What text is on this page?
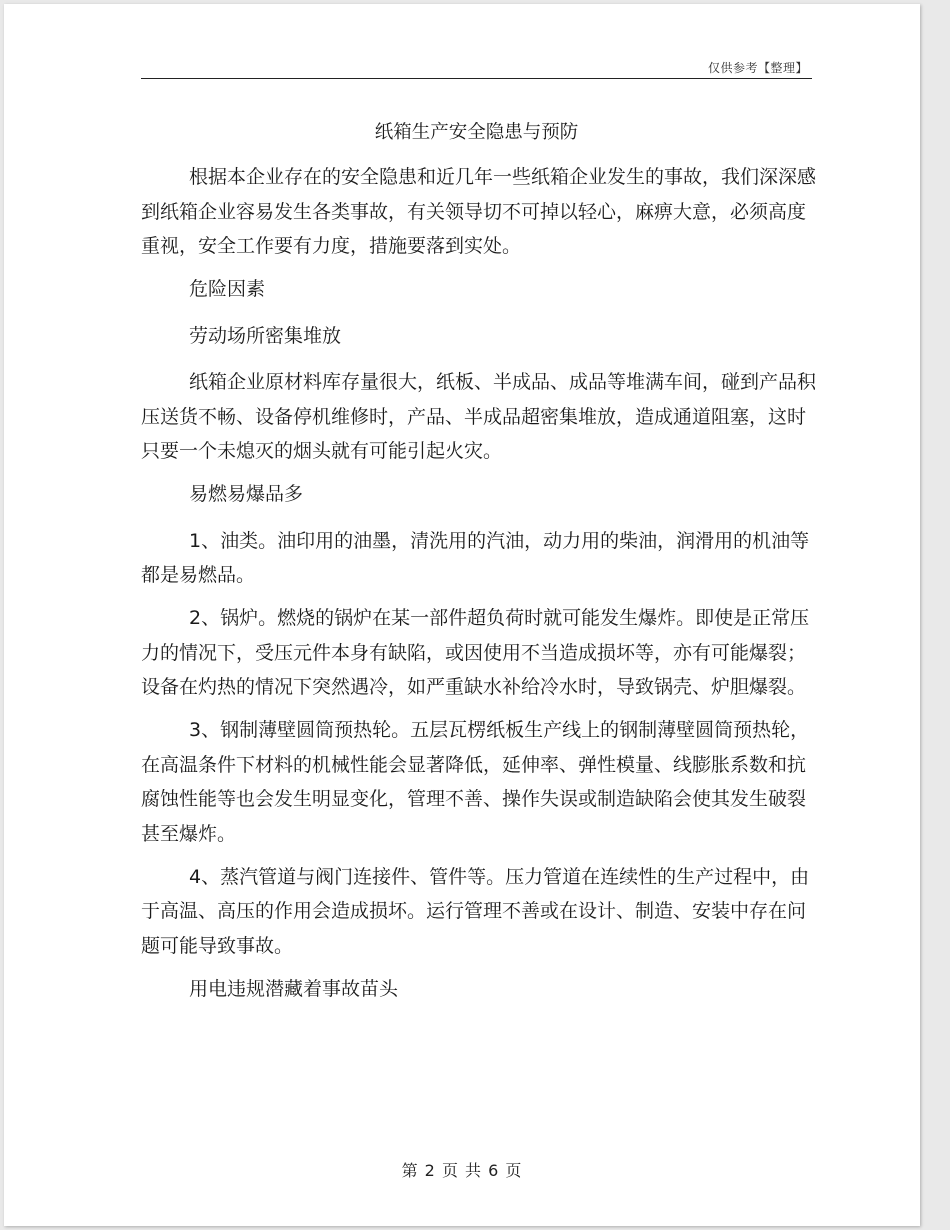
仅供参考【整理】
纸箱生产安全隐患与预防

根据本企业存在的安全隐患和近几年一些纸箱企业发生的事故，我们深深感到纸箱企业容易发生各类事故，有关领导切不可掉以轻心，麻痹大意，必须高度重视，安全工作要有力度，措施要落到实处。

危险因素

劳动场所密集堆放

纸箱企业原材料库存量很大，纸板、半成品、成品等堆满车间，碰到产品积压送货不畅、设备停机维修时，产品、半成品超密集堆放，造成通道阻塞，这时只要一个未熄灭的烟头就有可能引起火灾。

易燃易爆品多

1、油类。油印用的油墨，清洗用的汽油，动力用的柴油，润滑用的机油等都是易燃品。

2、锅炉。燃烧的锅炉在某一部件超负荷时就可能发生爆炸。即使是正常压力的情况下，受压元件本身有缺陷，或因使用不当造成损坏等，亦有可能爆裂；设备在灼热的情况下突然遇冷，如严重缺水补给冷水时，导致锅壳、炉胆爆裂。

3、钢制薄壁圆筒预热轮。五层瓦楞纸板生产线上的钢制薄壁圆筒预热轮，在高温条件下材料的机械性能会显著降低，延伸率、弹性模量、线膨胀系数和抗腐蚀性能等也会发生明显变化，管理不善、操作失误或制造缺陷会使其发生破裂甚至爆炸。

4、蒸汽管道与阀门连接件、管件等。压力管道在连续性的生产过程中，由于高温、高压的作用会造成损坏。运行管理不善或在设计、制造、安装中存在问题可能导致事故。

用电违规潜藏着事故苗头

第 2 页 共 6 页
